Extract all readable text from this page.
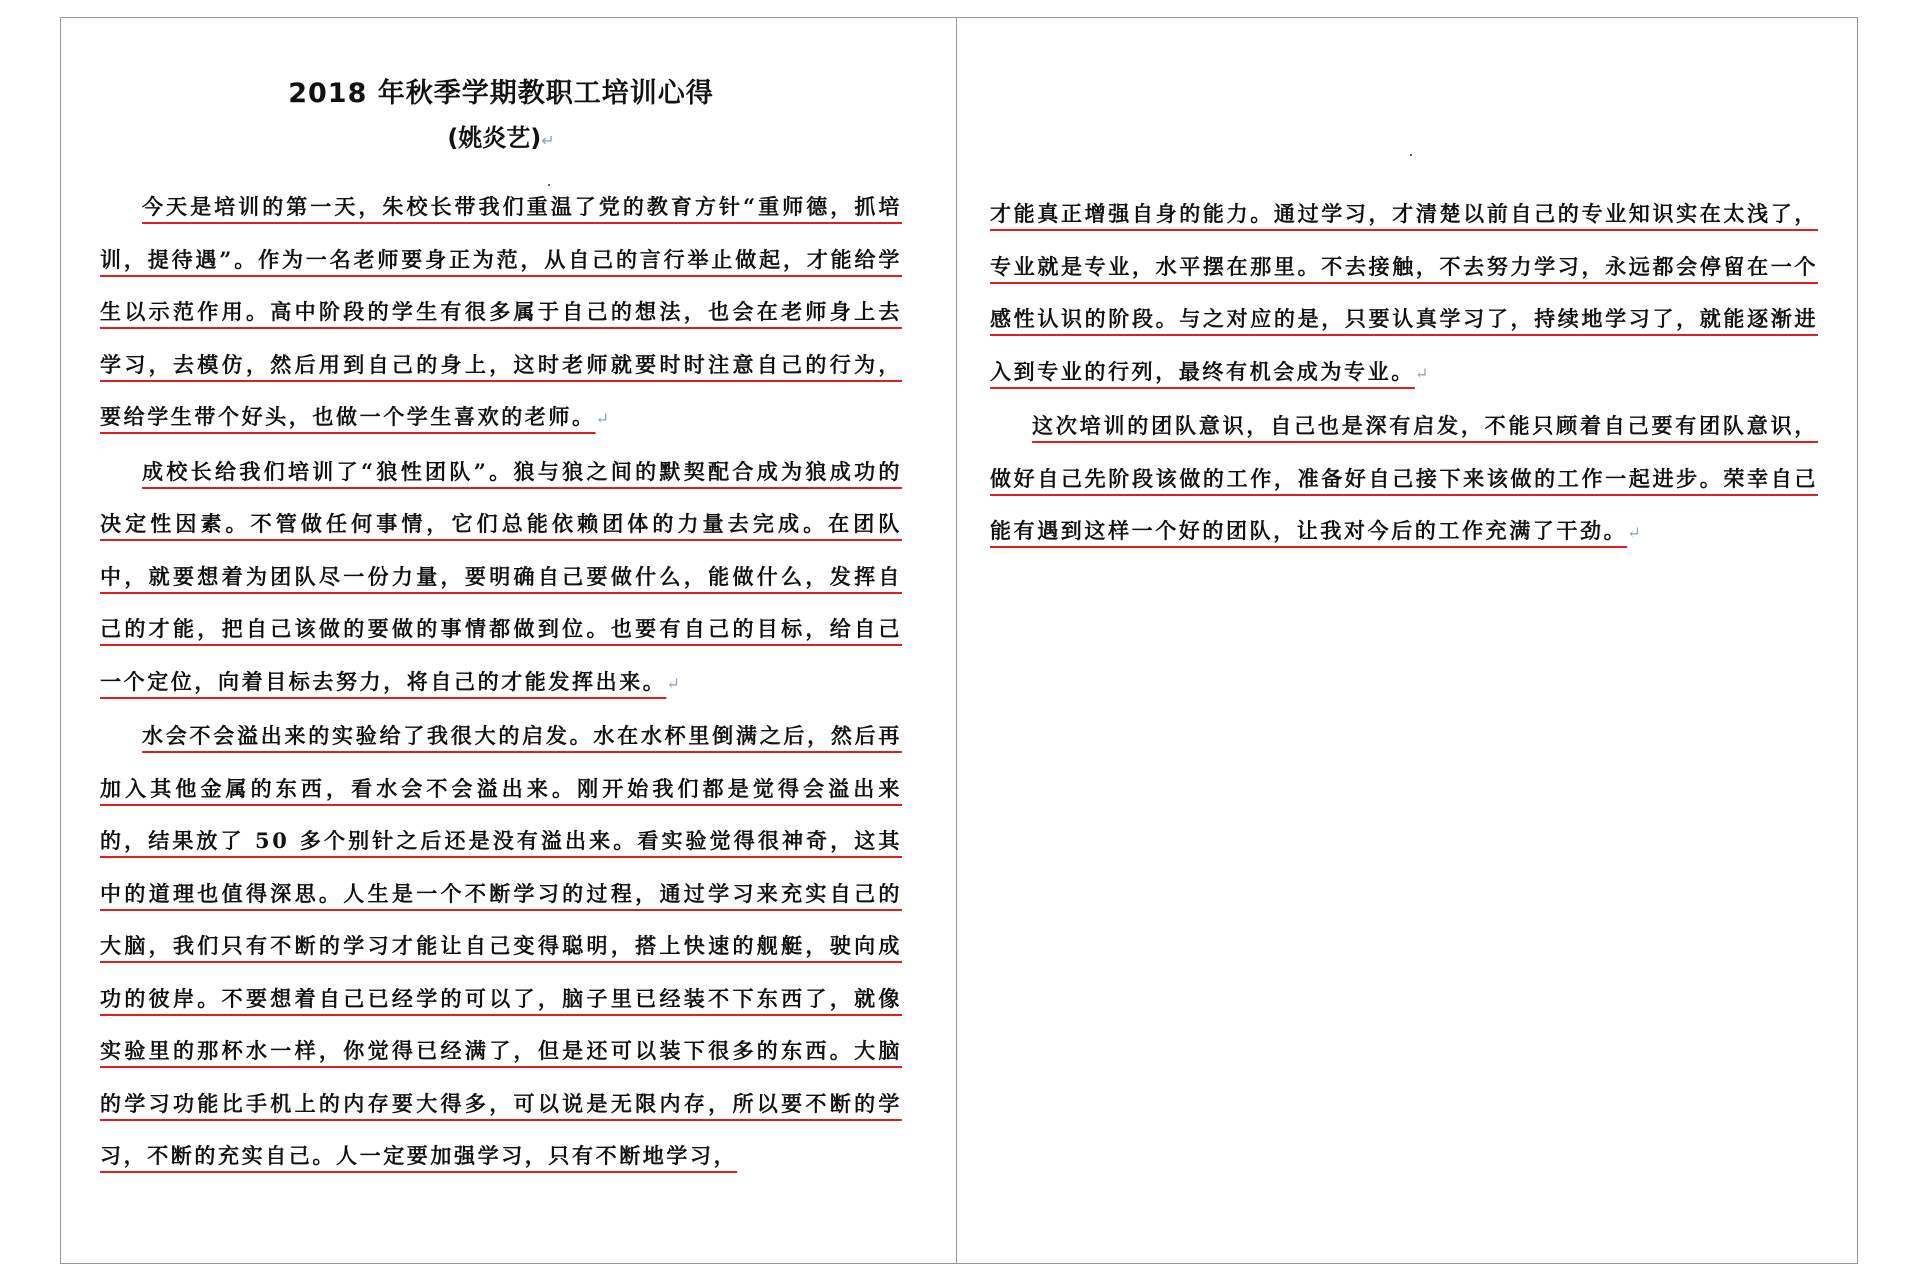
2018 年秋季学期教职工培训心得
(姚炎艺)↵

今天是培训的第一天，朱校长带我们重温了党的教育方针“重师德，抓培训，提待遇”。作为一名老师要身正为范，从自己的言行举止做起，才能给学生以示范作用。高中阶段的学生有很多属于自己的想法，也会在老师身上去学习，去模仿，然后用到自己的身上，这时老师就要时时注意自己的行为，要给学生带个好头，也做一个学生喜欢的老师。↵

成校长给我们培训了“狼性团队”。狼与狼之间的默契配合成为狼成功的决定性因素。不管做任何事情，它们总能依赖团体的力量去完成。在团队中，就要想着为团队尽一份力量，要明确自己要做什么，能做什么，发挥自己的才能，把自己该做的要做的事情都做到位。也要有自己的目标，给自己一个定位，向着目标去努力，将自己的才能发挥出来。↵

水会不会溢出来的实验给了我很大的启发。水在水杯里倒满之后，然后再加入其他金属的东西，看水会不会溢出来。刚开始我们都是觉得会溢出来的，结果放了 50 多个别针之后还是没有溢出来。看实验觉得很神奇，这其中的道理也值得深思。人生是一个不断学习的过程，通过学习来充实自己的大脑，我们只有不断的学习才能让自己变得聪明，搭上快速的舰艇，驶向成功的彼岸。不要想着自己已经学的可以了，脑子里已经装不下东西了，就像实验里的那杯水一样，你觉得已经满了，但是还可以装下很多的东西。大脑的学习功能比手机上的内存要大得多，可以说是无限内存，所以要不断的学习，不断的充实自己。人一定要加强学习，只有不断地学习，

才能真正增强自身的能力。通过学习，才清楚以前自己的专业知识实在太浅了，专业就是专业，水平摆在那里。不去接触，不去努力学习，永远都会停留在一个感性认识的阶段。与之对应的是，只要认真学习了，持续地学习了，就能逐渐进入到专业的行列，最终有机会成为专业。↵

这次培训的团队意识，自己也是深有启发，不能只顾着自己要有团队意识，做好自己先阶段该做的工作，准备好自己接下来该做的工作一起进步。荣幸自己能有遇到这样一个好的团队，让我对今后的工作充满了干劲。↵
